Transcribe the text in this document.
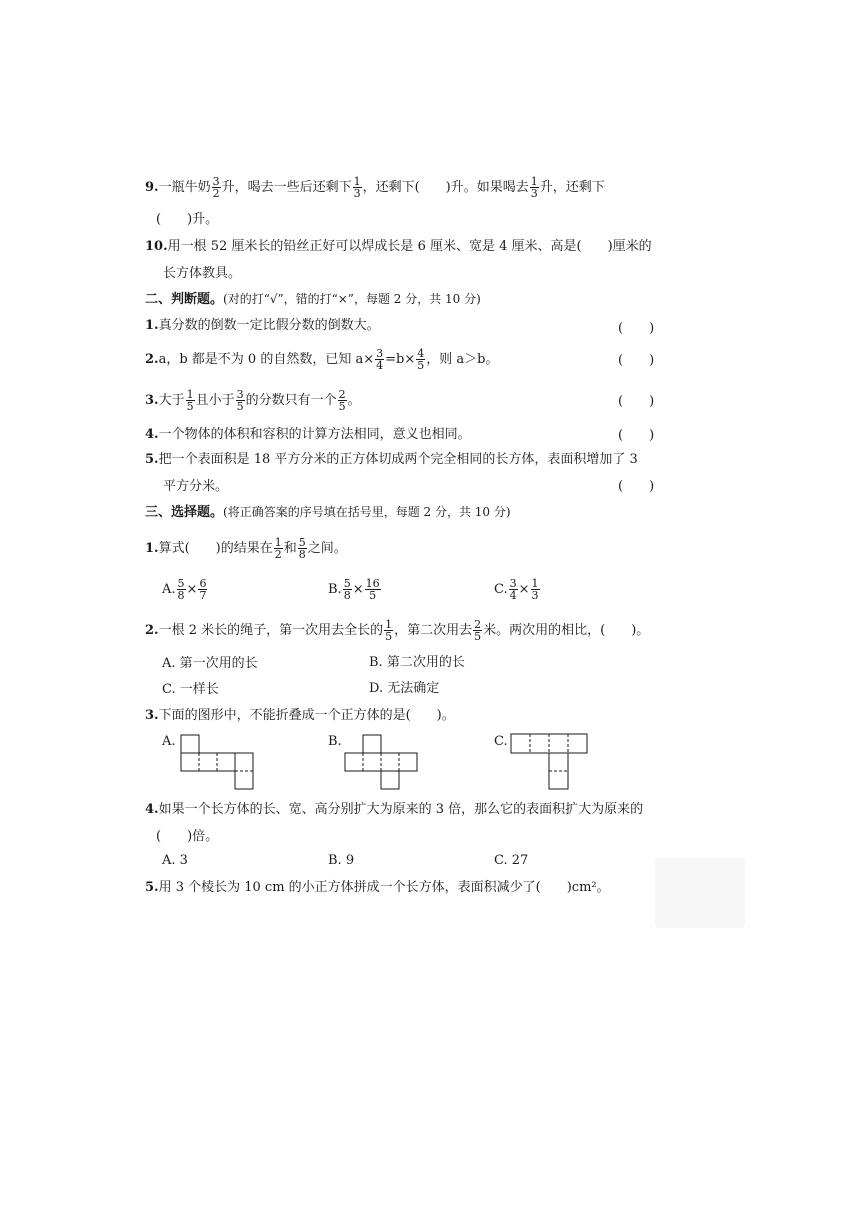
9.一瓶牛奶 $\frac{3}{2}$ 升，喝去一些后还剩下 $\frac{1}{3}$ ，还剩下(　　)升。如果喝去 $\frac{1}{3}$ 升，还剩下
(　　)升。
10.用一根 52 厘米长的铅丝正好可以焊成长是 6 厘米、宽是 4 厘米、高是(　　)厘米的
长方体教具。
二、判断题。(对的打“√”，错的打“×”，每题 2 分，共 10 分)
1.真分数的倒数一定比假分数的倒数大。	(　　)
2.a，b 都是不为 0 的自然数，已知 $a\times \frac{3}{4} =b\times \frac{4}{5}$ ，则 a＞b。	(　　)
3.大于 $\frac{1}{5}$ 且小于 $\frac{3}{5}$ 的分数只有一个 $\frac{2}{5}$ 。	(　　)
4.一个物体的体积和容积的计算方法相同，意义也相同。	(　　)
5.把一个表面积是 18 平方分米的正方体切成两个完全相同的长方体，表面积增加了 3
平方分米。	(　　)
三、选择题。(将正确答案的序号填在括号里，每题 2 分，共 10 分)
1.算式(　　)的结果在 $\frac{1}{2}$ 和 $\frac{5}{8}$ 之间。
A. $\frac{5}{8} \times \frac{6}{7}$	B. $\frac{5}{8} \times \frac{16}{5}$	C. $\frac{3}{4} \times \frac{1}{3}$
2.一根 2 米长的绳子，第一次用去全长的 $\frac{1}{5}$ ，第二次用去 $\frac{2}{5}$ 米。两次用的相比，(　　)。
A. 第一次用的长	B. 第二次用的长
C. 一样长	D. 无法确定
3.下面的图形中，不能折叠成一个正方体的是(　　)。
A.	B.	C.
4.如果一个长方体的长、宽、高分别扩大为原来的 3 倍，那么它的表面积扩大为原来的
(　　)倍。
A. 3	B. 9	C. 27
5.用 3 个棱长为 10 cm 的小正方体拼成一个长方体，表面积减少了(　　)cm²。
